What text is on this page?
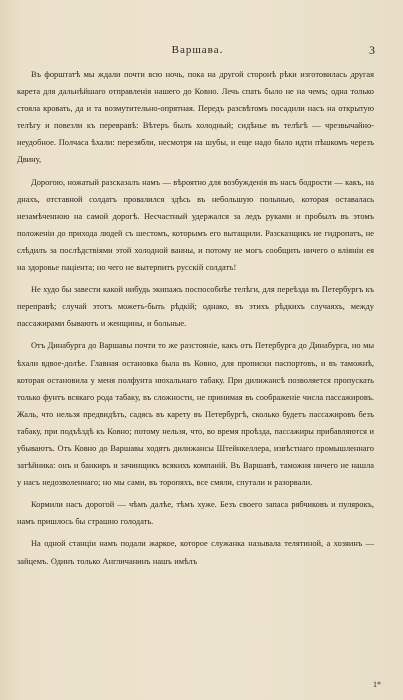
Варшава.	3

Въ форштатѣ мы ждали почти всю ночь, пока на другой сторонѣ рѣки изготовилась другая карета для дальнѣйшаго отправленія нашего до Ковно. Лечь спать было не на чемъ; одна только стояла кровать, да и та возмутительно-опрятная. Передъ разсвѣтомъ посадили насъ на открытую телѣгу и повезли къ перевравѣ: Вѣтеръ былъ холодный; сидѣнье въ телѣгѣ — чрезвычайно-неудобное. Полчаса ѣхали: перезябли, несмотря на шубы, и еще надо было идти пѣшкомъ черезъ Двину,

Дорогою, ножатый разсказалъ намъ — вѣроятно для возбужденія въ насъ бодрости — какъ, на днахъ, отставной солдатъ провалился здѣсь въ небольшую полынью, которая оставалась незамѣченною на самой дорогѣ. Несчастный удержался за ледъ руками и пробылъ въ этомъ положеніи до прихода людей съ шестомъ, которымъ его вытащили. Разсказщикъ не гидропатъ, не слѣдилъ за послѣдствіями этой холодной ванны, и потому не могъ сообщить ничего о вліяніи ея на здоровье паціента; но чего не вытерпитъ русскій солдатъ!

Не худо бы завести какой нибудь экипажъ поспособнѣе телѣги, для переѣзда въ Петербургъ къ переправѣ; случай этотъ можетъ-быть рѣдкій; однако, въ этихъ рѣдкихъ случаяхъ, между пассажирами бываютъ и женщины, и больные.

Отъ Динабурга до Варшавы почти то же разстояніе, какъ отъ Петербурга до Динабурга, но мы ѣхали вдвое-долѣе. Главная остановка была въ Ковно, для прописки паспортовъ, и въ таможнѣ, которая остановила у меня полфунта нюхальнаго табаку. При дилижансѣ позволяется пропускать только фунтъ всякаго рода табаку, въ сложности, не принимая въ соображеніе числа пассажировъ. Жаль, что нельзя предвидѣть, садясь въ карету въ Петербургѣ, сколько будетъ пассажировъ безъ табаку, при подъѣздѣ къ Ковно; потому нельзя, что, во время проѣзда, пассажиры прибавляются и убываютъ. Отъ Ковно до Варшавы ходятъ дилижансы Штейнкеллера, извѣстнаго промышленнаго затѣйника: онъ и банкиръ и зачинщикъ всякихъ компаній. Въ Варшавѣ, таможня ничего не нашла у насъ недозволеннаго; но мы сами, въ торопяхъ, все смяли, спутали и разорвали.

Кормили насъ дорогой — чѣмъ далѣе, тѣмъ хуже. Безъ своего запаса рябчиковъ и пулярокъ, намъ пришлось бы страшно голодать.

На одной станціи намъ подали жаркое, которое служанка называла телятиной, а хозяинъ — зайцемъ. Одинъ только Англичанинъ нашъ имѣлъ

1*
